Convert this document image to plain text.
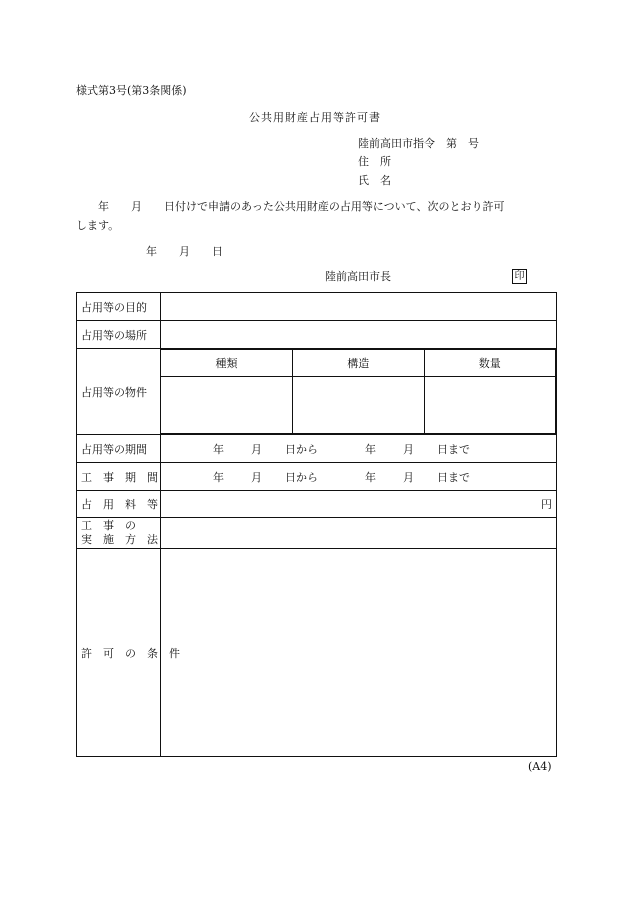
様式第3号(第3条関係)
公共用財産占用等許可書
陸前高田市指令　第　号
住　所
氏　名
　　年　　月　　日付けで申請のあった公共用財産の占用等について、次のとおり許可
します。
年　　月　　日
陸前高田市長	印
占用等の目的	
占用等の場所	
占用等の物件	
種類	構造	数量

占用等の期間	年	月	日から	年	月	日まで

工　事　期　間	年	月	日から	年	月	日まで

占　用　料　等	円

工　事　の
実　施　方　法

許　可　の　条　件	
(A4)
